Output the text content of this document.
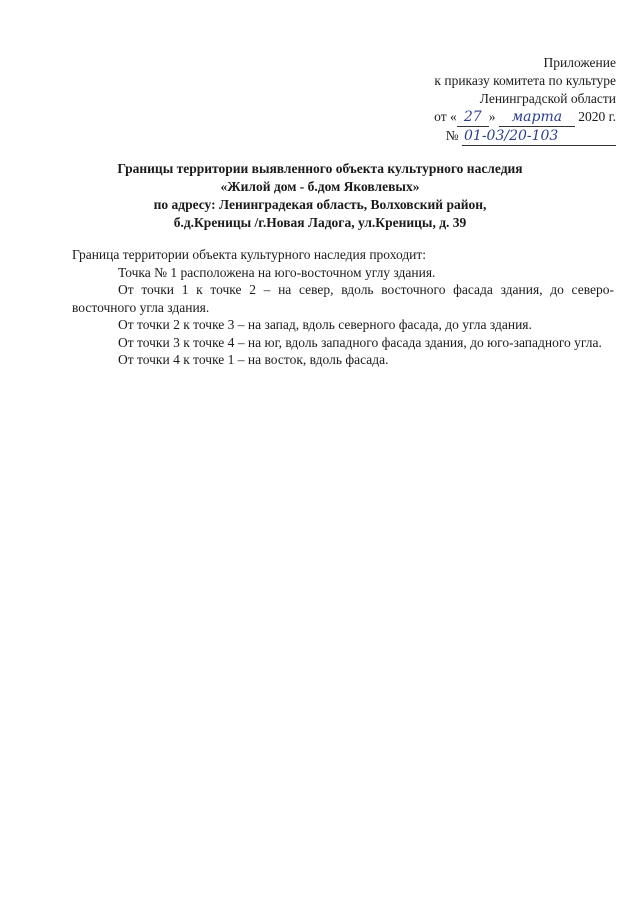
Приложение
к приказу комитета по культуре
Ленинградской области
от « 27 » марта 2020 г.
№ 01-03/20-103
Границы территории выявленного объекта культурного наследия
«Жилой дом - б.дом Яковлевых»
по адресу: Ленинградекая область, Волховский район,
б.д.Креницы /г.Новая Ладога, ул.Креницы, д. 39

Граница территории объекта культурного наследия проходит:

Точка № 1 расположена на юго-восточном углу здания.

От точки 1 к точке 2 – на север, вдоль восточного фасада здания, до северо-восточного угла здания.

От точки 2 к точке 3 – на запад, вдоль северного фасада, до угла здания.

От точки 3 к точке 4 – на юг, вдоль западного фасада здания, до юго-западного угла.

От точки 4 к точке 1 – на восток, вдоль фасада.
